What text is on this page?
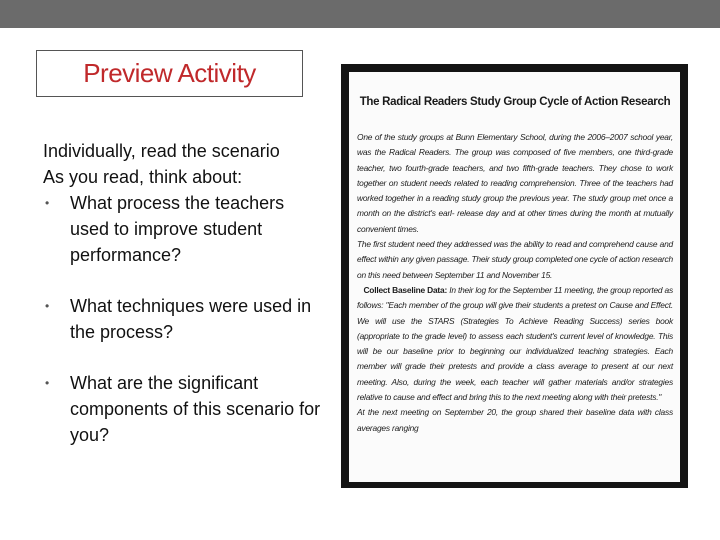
Preview Activity

Individually, read the scenario

As you read, think about:

• What process the teachers used to improve student performance?
• What techniques were used in the process?
• What are the significant components of this scenario for you?

The Radical Readers Study Group Cycle of Action Research

One of the study groups at Bunn Elementary School, during the 2006–2007 school year, was the Radical Readers. The group was composed of five members, one third-grade teacher, two fourth-grade teachers, and two fifth-grade teachers. They chose to work together on student needs related to reading comprehension. Three of the teachers had worked together in a reading study group the previous year. The study group met once a month on the district's earl- release day and at other times during the month at mutually convenient times.

The first student need they addressed was the ability to read and comprehend cause and effect within any given passage. Their study group completed one cycle of action research on this need between September 11 and November 15.

Collect Baseline Data: In their log for the September 11 meeting, the group reported as follows: "Each member of the group will give their students a pretest on Cause and Effect. We will use the STARS (Strategies To Achieve Reading Success) series book (appropriate to the grade level) to assess each student's current level of knowledge. This will be our baseline prior to beginning our individualized teaching strategies. Each member will grade their pretests and provide a class average to present at our next meeting. Also, during the week, each teacher will gather materials and/or strategies relative to cause and effect and bring this to the next meeting along with their pretests."

At the next meeting on September 20, the group shared their baseline data with class averages ranging
